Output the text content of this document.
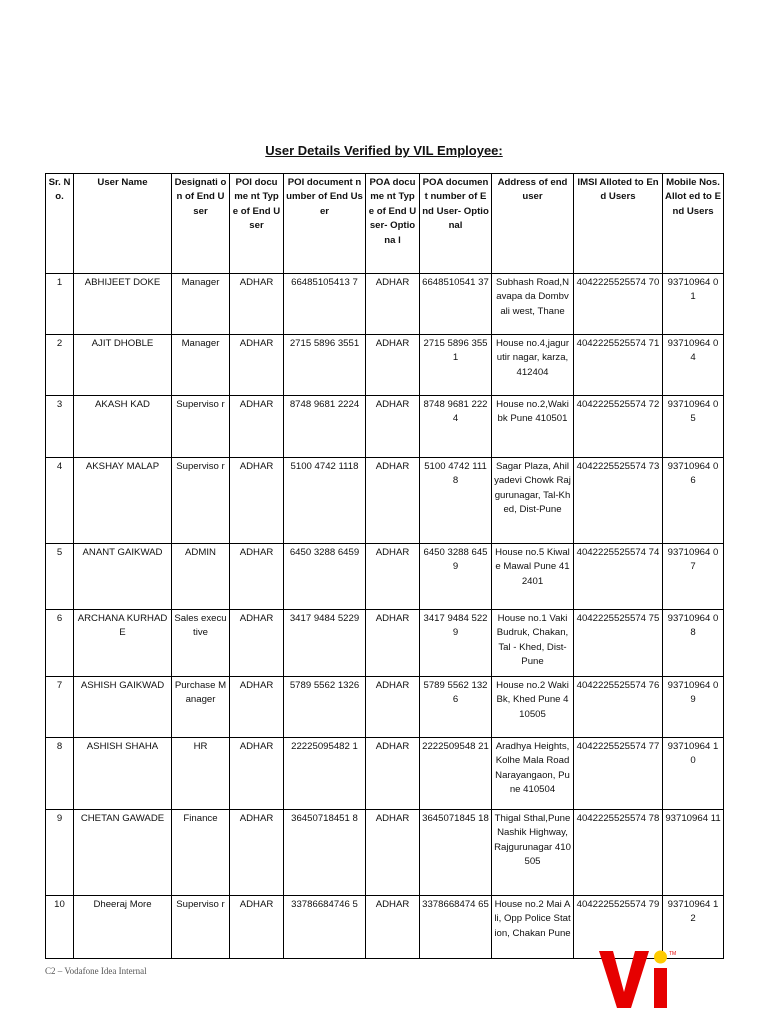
User Details Verified by VIL Employee:
Sr. N o.	User Name	Designati on of End User	POI docume nt Type of End User	POI document number of End User	POA docume nt Type of End User- Optiona l	POA document number of End User- Optional	Address of end user	IMSI Alloted to End Users	Mobile Nos.Allot ed to End Users
1	ABHIJEET DOKE	Manager	ADHAR	66485105413 7	ADHAR	6648510541 37	Subhash Road,Navapa da Dombvali west, Thane	4042225525574 70	93710964 01
2	AJIT DHOBLE	Manager	ADHAR	2715 5896 3551	ADHAR	2715 5896 3551	House no.4,jagurutir nagar, karza, 412404	4042225525574 71	93710964 04
3	AKASH KAD	Superviso r	ADHAR	8748 9681 2224	ADHAR	8748 9681 2224	House no.2,Waki bk Pune 410501	4042225525574 72	93710964 05
4	AKSHAY MALAP	Superviso r	ADHAR	5100 4742 1118	ADHAR	5100 4742 1118	Sagar Plaza, Ahilyadevi Chowk Rajgurunagar, Tal-Khed, Dist-Pune	4042225525574 73	93710964 06
5	ANANT GAIKWAD	ADMIN	ADHAR	6450 3288 6459	ADHAR	6450 3288 6459	House no.5 Kiwale Mawal Pune 412401	4042225525574 74	93710964 07
6	ARCHANA KURHADE	Sales executive	ADHAR	3417 9484 5229	ADHAR	3417 9484 5229	House no.1 Vaki Budruk, Chakan, Tal - Khed, Dist- Pune	4042225525574 75	93710964 08
7	ASHISH GAIKWAD	Purchase Manager	ADHAR	5789 5562 1326	ADHAR	5789 5562 1326	House no.2 Waki Bk, Khed Pune 410505	4042225525574 76	93710964 09
8	ASHISH SHAHA	HR	ADHAR	22225095482 1	ADHAR	2222509548 21	Aradhya Heights, Kolhe Mala Road Narayangaon, Pune 410504	4042225525574 77	93710964 10
9	CHETAN GAWADE	Finance	ADHAR	36450718451 8	ADHAR	3645071845 18	Thigal Sthal,Pune Nashik Highway, Rajgurunagar 410505	4042225525574 78	93710964 11
10	Dheeraj More	Superviso r	ADHAR	33786684746 5	ADHAR	3378668474 65	House no.2 Mai Ali, Opp Police Station, Chakan Pune	4042225525574 79	93710964 12
C2 – Vodafone Idea Internal
TM
